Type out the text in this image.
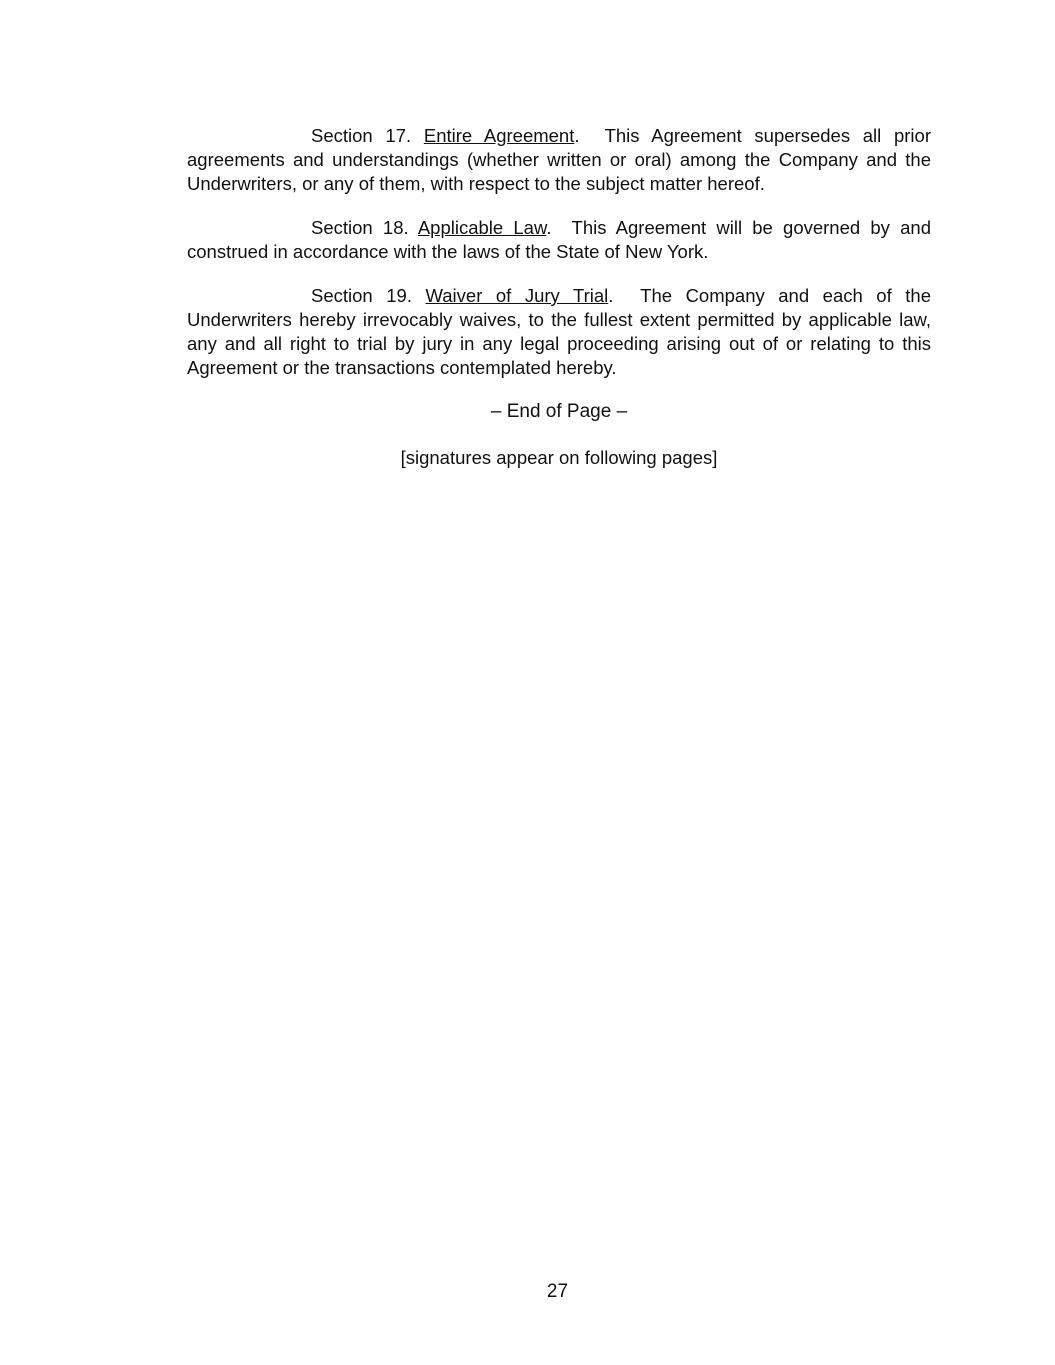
Section 17. Entire Agreement. This Agreement supersedes all prior agreements and understandings (whether written or oral) among the Company and the Underwriters, or any of them, with respect to the subject matter hereof.

Section 18. Applicable Law. This Agreement will be governed by and construed in accordance with the laws of the State of New York.

Section 19. Waiver of Jury Trial. The Company and each of the Underwriters hereby irrevocably waives, to the fullest extent permitted by applicable law, any and all right to trial by jury in any legal proceeding arising out of or relating to this Agreement or the transactions contemplated hereby.

– End of Page –

[signatures appear on following pages]

27
